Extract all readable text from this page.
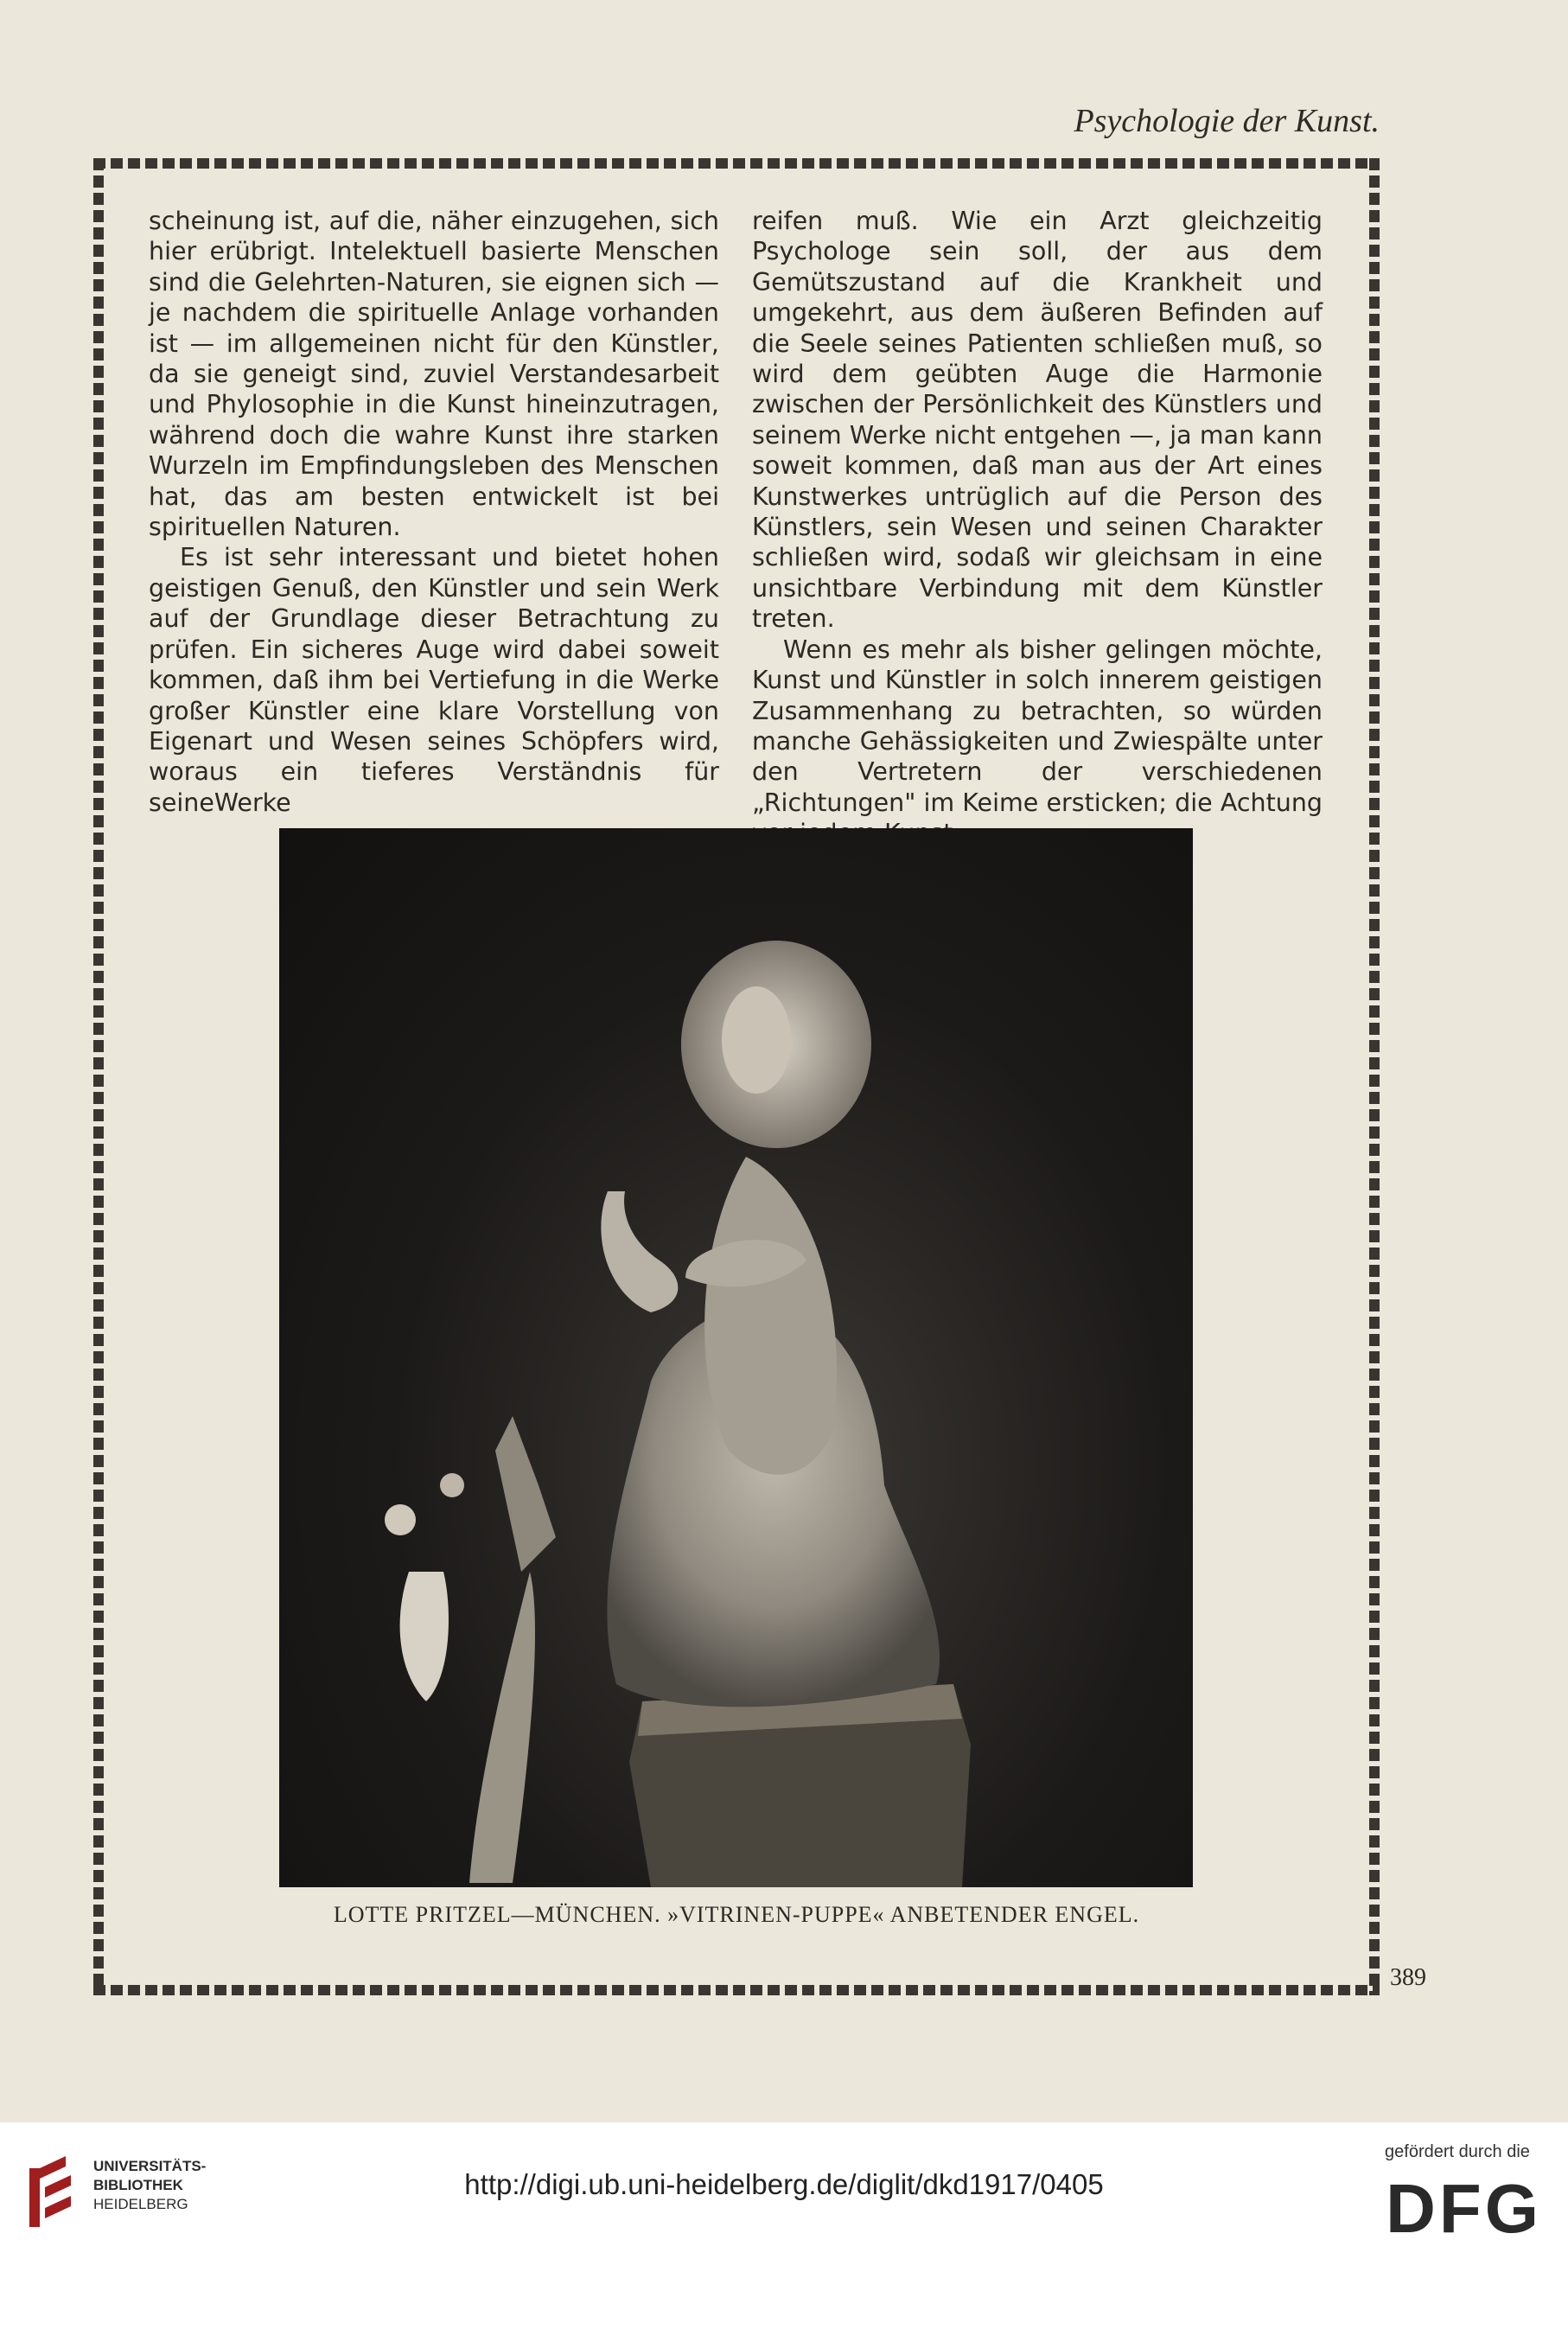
Psychologie der Kunst.

scheinung ist, auf die, näher einzugehen, sich hier erübrigt. Intelektuell basierte Menschen sind die Gelehrten-Naturen, sie eignen sich — je nachdem die spirituelle Anlage vorhanden ist — im allgemeinen nicht für den Künstler, da sie geneigt sind, zuviel Verstandesarbeit und Phylosophie in die Kunst hineinzutragen, während doch die wahre Kunst ihre starken Wurzeln im Empfindungsleben des Menschen hat, das am besten entwickelt ist bei spirituellen Naturen.

Es ist sehr interessant und bietet hohen geistigen Genuß, den Künstler und sein Werk auf der Grundlage dieser Betrachtung zu prüfen. Ein sicheres Auge wird dabei soweit kommen, daß ihm bei Vertiefung in die Werke großer Künstler eine klare Vorstellung von Eigenart und Wesen seines Schöpfers wird, woraus ein tieferes Verständnis für seineWerke

reifen muß. Wie ein Arzt gleichzeitig Psychologe sein soll, der aus dem Gemütszustand auf die Krankheit und umgekehrt, aus dem äußeren Befinden auf die Seele seines Patienten schließen muß, so wird dem geübten Auge die Harmonie zwischen der Persönlichkeit des Künstlers und seinem Werke nicht entgehen —, ja man kann soweit kommen, daß man aus der Art eines Kunstwerkes untrüglich auf die Person des Künstlers, sein Wesen und seinen Charakter schließen wird, sodaß wir gleichsam in eine unsichtbare Verbindung mit dem Künstler treten.

Wenn es mehr als bisher gelingen möchte, Kunst und Künstler in solch innerem geistigen Zusammenhang zu betrachten, so würden manche Gehässigkeiten und Zwiespälte unter den Vertretern der verschiedenen „Richtungen" im Keime ersticken; die Achtung

LOTTE PRITZEL—MÜNCHEN. »VITRINEN-PUPPE« ANBETENDER ENGEL.
389
UNIVERSITÄTS-
BIBLIOTHEK
HEIDELBERG
http://digi.ub.uni-heidelberg.de/diglit/dkd1917/0405
gefördert durch die
DFG
